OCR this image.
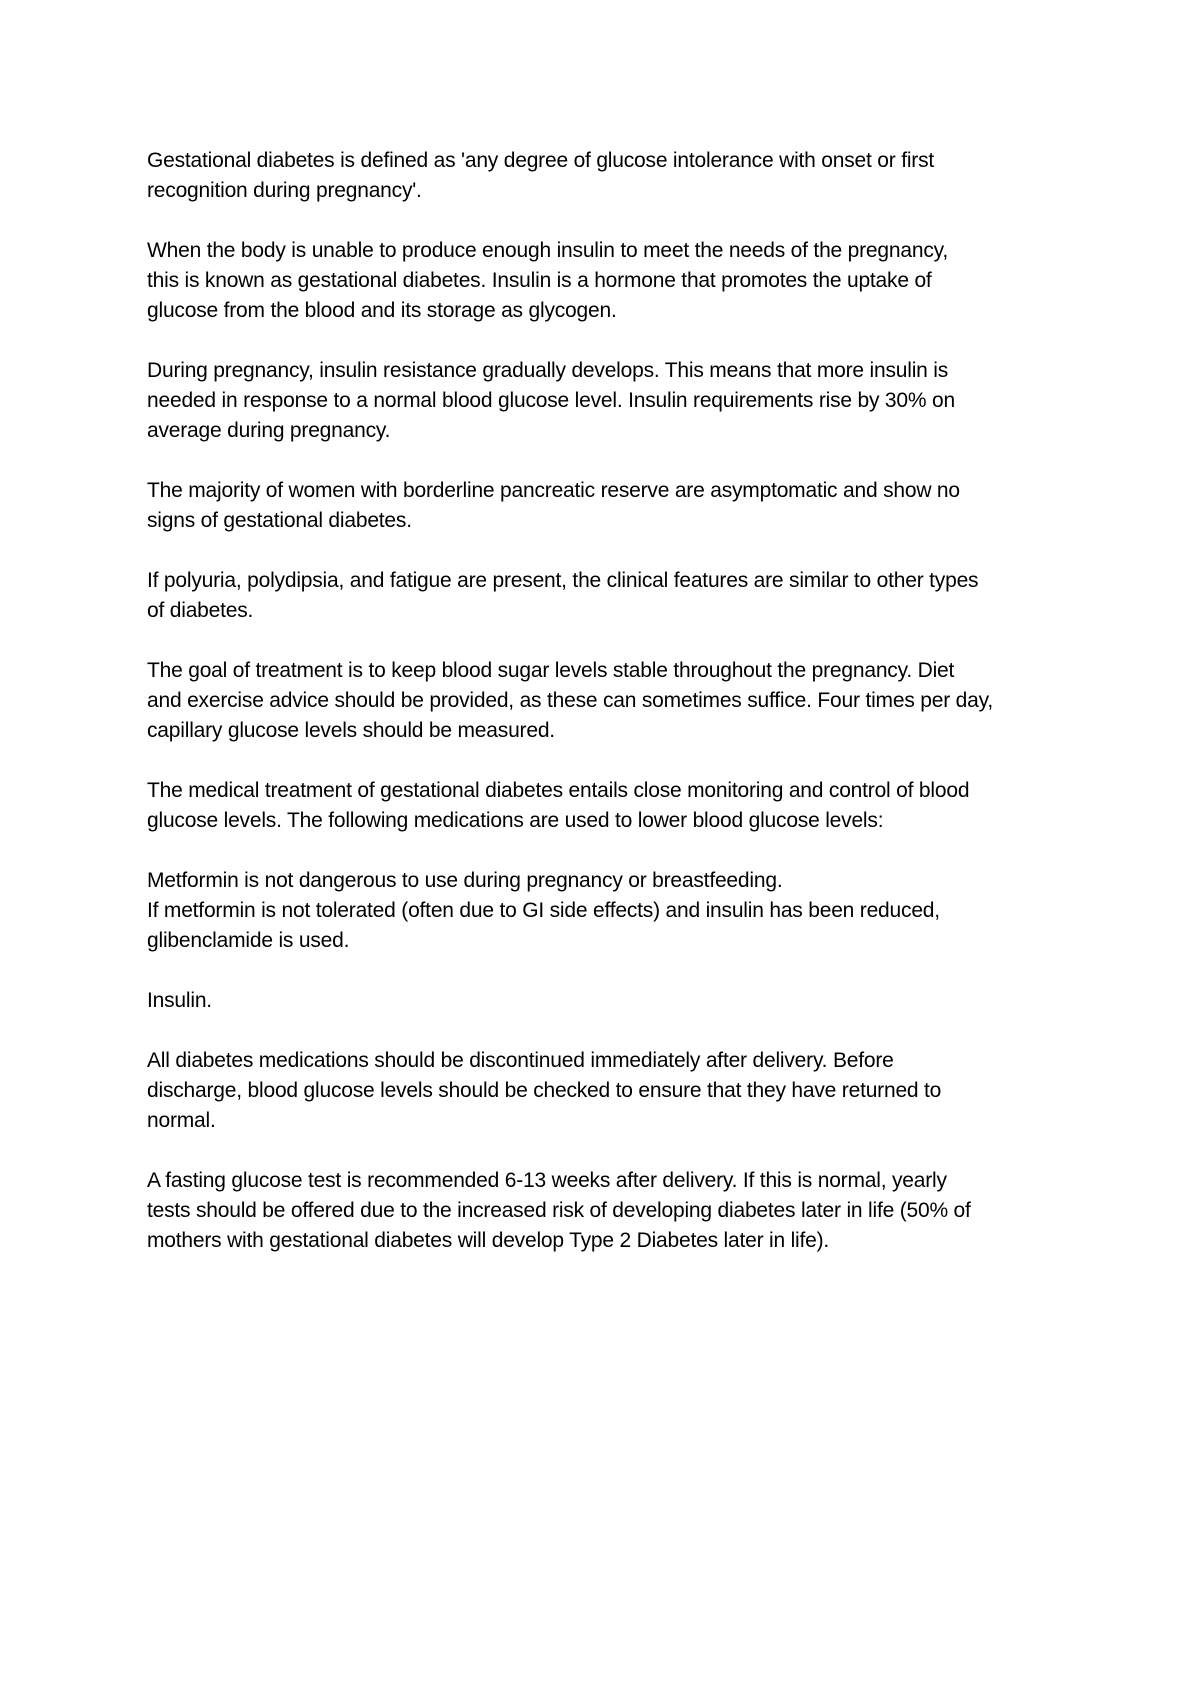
Gestational diabetes is defined as 'any degree of glucose intolerance with onset or first
recognition during pregnancy'.

When the body is unable to produce enough insulin to meet the needs of the pregnancy,
this is known as gestational diabetes. Insulin is a hormone that promotes the uptake of
glucose from the blood and its storage as glycogen.

During pregnancy, insulin resistance gradually develops. This means that more insulin is
needed in response to a normal blood glucose level. Insulin requirements rise by 30% on
average during pregnancy.

The majority of women with borderline pancreatic reserve are asymptomatic and show no
signs of gestational diabetes.

If polyuria, polydipsia, and fatigue are present, the clinical features are similar to other types
of diabetes.

The goal of treatment is to keep blood sugar levels stable throughout the pregnancy. Diet
and exercise advice should be provided, as these can sometimes suffice. Four times per day,
capillary glucose levels should be measured.

The medical treatment of gestational diabetes entails close monitoring and control of blood
glucose levels. The following medications are used to lower blood glucose levels:

Metformin is not dangerous to use during pregnancy or breastfeeding.
If metformin is not tolerated (often due to GI side effects) and insulin has been reduced,
glibenclamide is used.

Insulin.

All diabetes medications should be discontinued immediately after delivery. Before
discharge, blood glucose levels should be checked to ensure that they have returned to
normal.

A fasting glucose test is recommended 6-13 weeks after delivery. If this is normal, yearly
tests should be offered due to the increased risk of developing diabetes later in life (50% of
mothers with gestational diabetes will develop Type 2 Diabetes later in life).
